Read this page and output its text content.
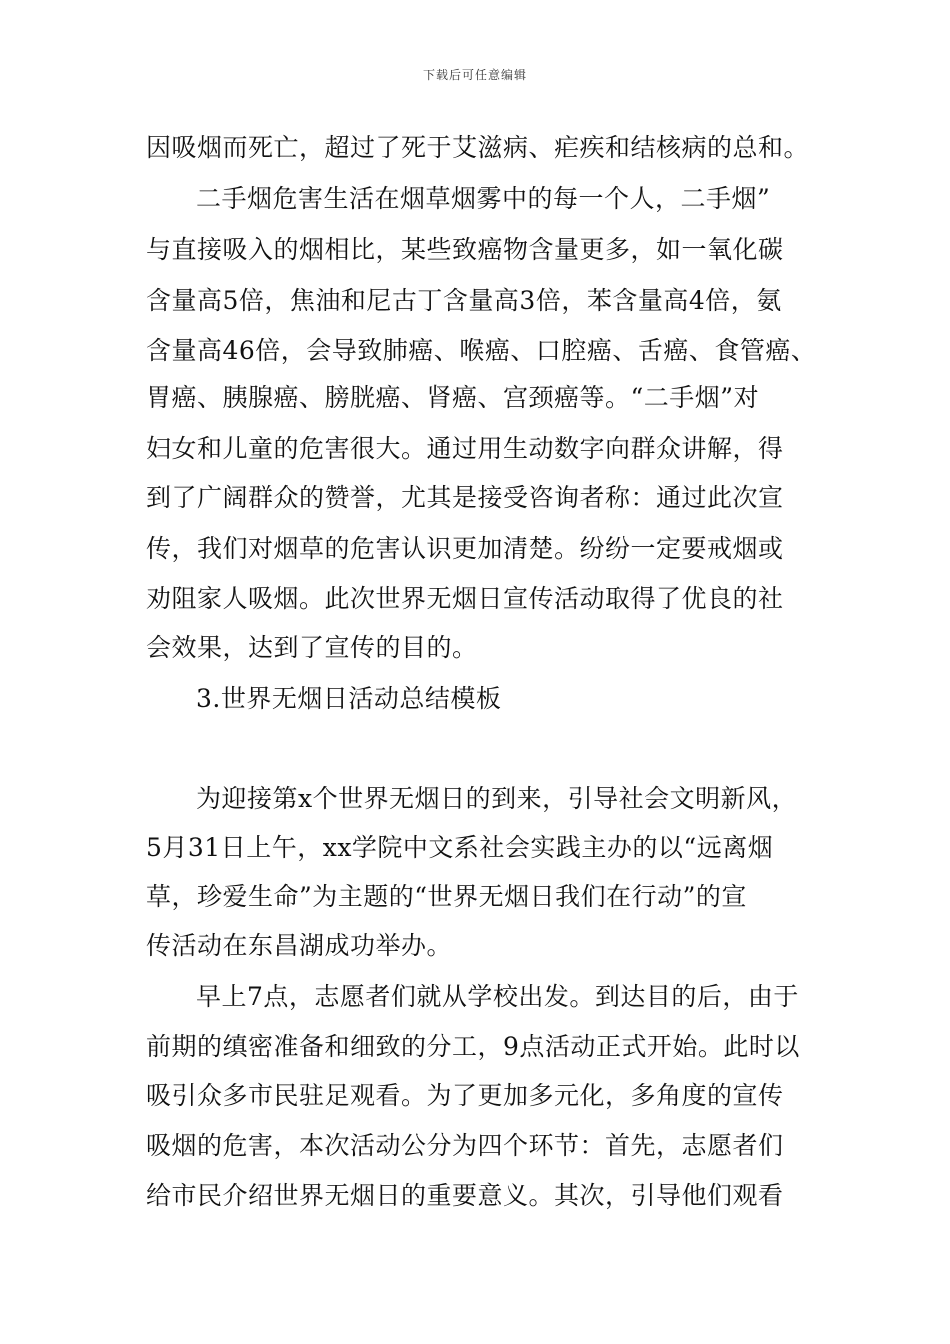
下载后可任意编辑
因吸烟而死亡，超过了死于艾滋病、疟疾和结核病的总和。
二手烟危害生活在烟草烟雾中的每一个人，二手烟”
与直接吸入的烟相比，某些致癌物含量更多，如一氧化碳
含量高5倍，焦油和尼古丁含量高3倍，苯含量高4倍，氨
含量高46倍，会导致肺癌、喉癌、口腔癌、舌癌、食管癌、
胃癌、胰腺癌、膀胱癌、肾癌、宫颈癌等。“二手烟”对
妇女和儿童的危害很大。通过用生动数字向群众讲解，得
到了广阔群众的赞誉，尤其是接受咨询者称：通过此次宣
传，我们对烟草的危害认识更加清楚。纷纷一定要戒烟或
劝阻家人吸烟。此次世界无烟日宣传活动取得了优良的社
会效果，达到了宣传的目的。
3.世界无烟日活动总结模板
为迎接第x个世界无烟日的到来，引导社会文明新风，
5月31日上午，xx学院中文系社会实践主办的以“远离烟
草，珍爱生命”为主题的“世界无烟日我们在行动”的宣
传活动在东昌湖成功举办。
早上7点，志愿者们就从学校出发。到达目的后，由于
前期的缜密准备和细致的分工，9点活动正式开始。此时以
吸引众多市民驻足观看。为了更加多元化，多角度的宣传
吸烟的危害，本次活动公分为四个环节：首先，志愿者们
给市民介绍世界无烟日的重要意义。其次，引导他们观看
